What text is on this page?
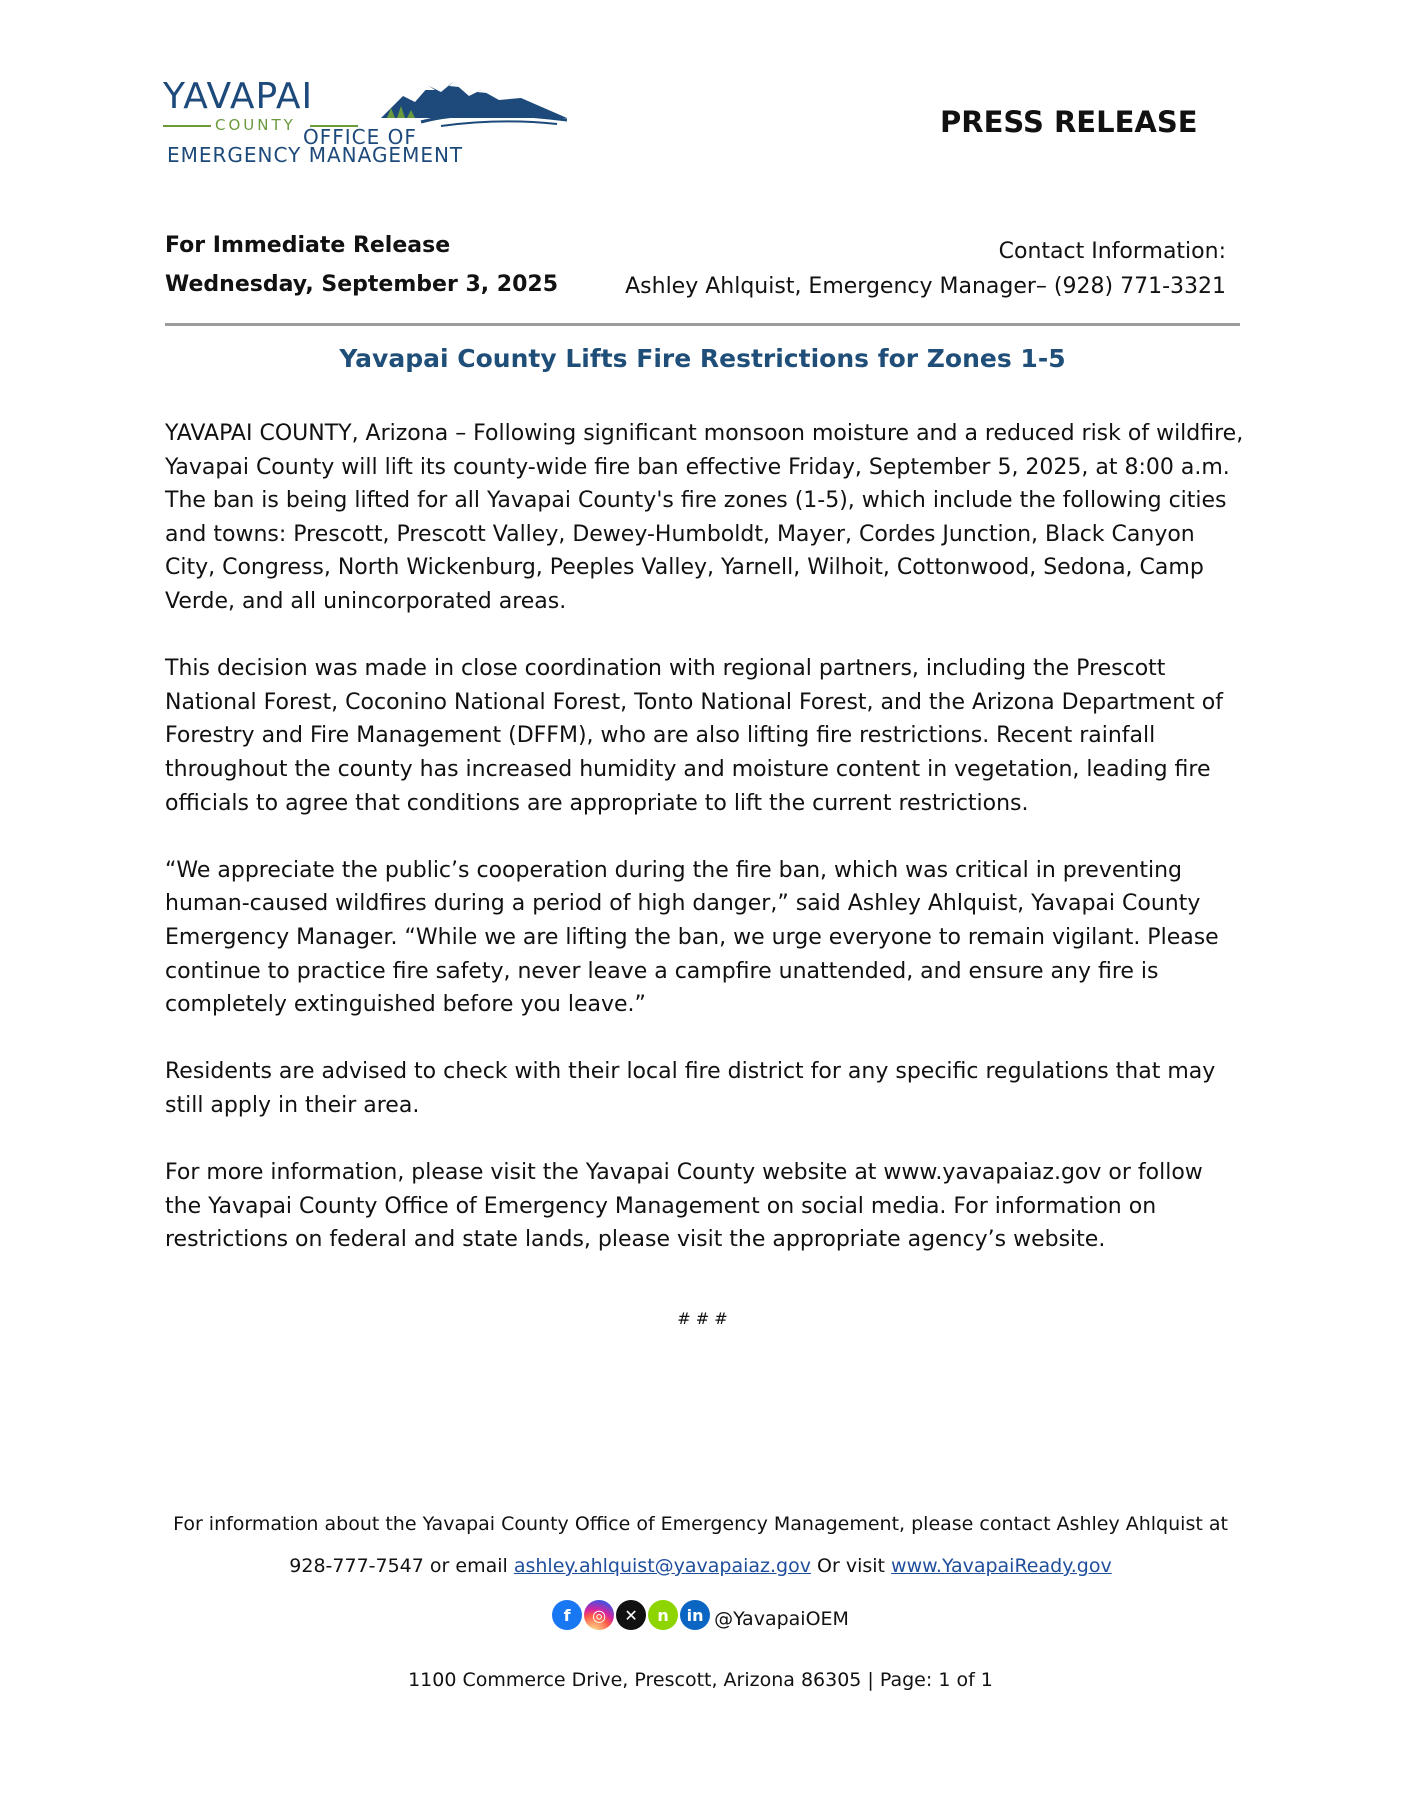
YAVAPAI
COUNTY OFFICE OF
EMERGENCY MANAGEMENT
PRESS RELEASE
For Immediate Release
Wednesday, September 3, 2025
Contact Information:
Ashley Ahlquist, Emergency Manager– (928) 771-3321
Yavapai County Lifts Fire Restrictions for Zones 1-5

YAVAPAI COUNTY, Arizona – Following significant monsoon moisture and a reduced risk of wildfire, Yavapai County will lift its county-wide fire ban effective Friday, September 5, 2025, at 8:00 a.m. The ban is being lifted for all Yavapai County's fire zones (1-5), which include the following cities and towns: Prescott, Prescott Valley, Dewey-Humboldt, Mayer, Cordes Junction, Black Canyon City, Congress, North Wickenburg, Peeples Valley, Yarnell, Wilhoit, Cottonwood, Sedona, Camp Verde, and all unincorporated areas.

This decision was made in close coordination with regional partners, including the Prescott National Forest, Coconino National Forest, Tonto National Forest, and the Arizona Department of Forestry and Fire Management (DFFM), who are also lifting fire restrictions. Recent rainfall throughout the county has increased humidity and moisture content in vegetation, leading fire officials to agree that conditions are appropriate to lift the current restrictions.

“We appreciate the public’s cooperation during the fire ban, which was critical in preventing human-caused wildfires during a period of high danger,” said Ashley Ahlquist, Yavapai County Emergency Manager. “While we are lifting the ban, we urge everyone to remain vigilant. Please continue to practice fire safety, never leave a campfire unattended, and ensure any fire is completely extinguished before you leave.”

Residents are advised to check with their local fire district for any specific regulations that may still apply in their area.

For more information, please visit the Yavapai County website at www.yavapaiaz.gov or follow the Yavapai County Office of Emergency Management on social media. For information on restrictions on federal and state lands, please visit the appropriate agency’s website.

# # #
For information about the Yavapai County Office of Emergency Management, please contact Ashley Ahlquist at
928-777-7547 or email ashley.ahlquist@yavapaiaz.gov Or visit www.YavapaiReady.gov
f	◎	✕	n	in @YavapaiOEM
1100 Commerce Drive, Prescott, Arizona 86305 | Page: 1 of 1
